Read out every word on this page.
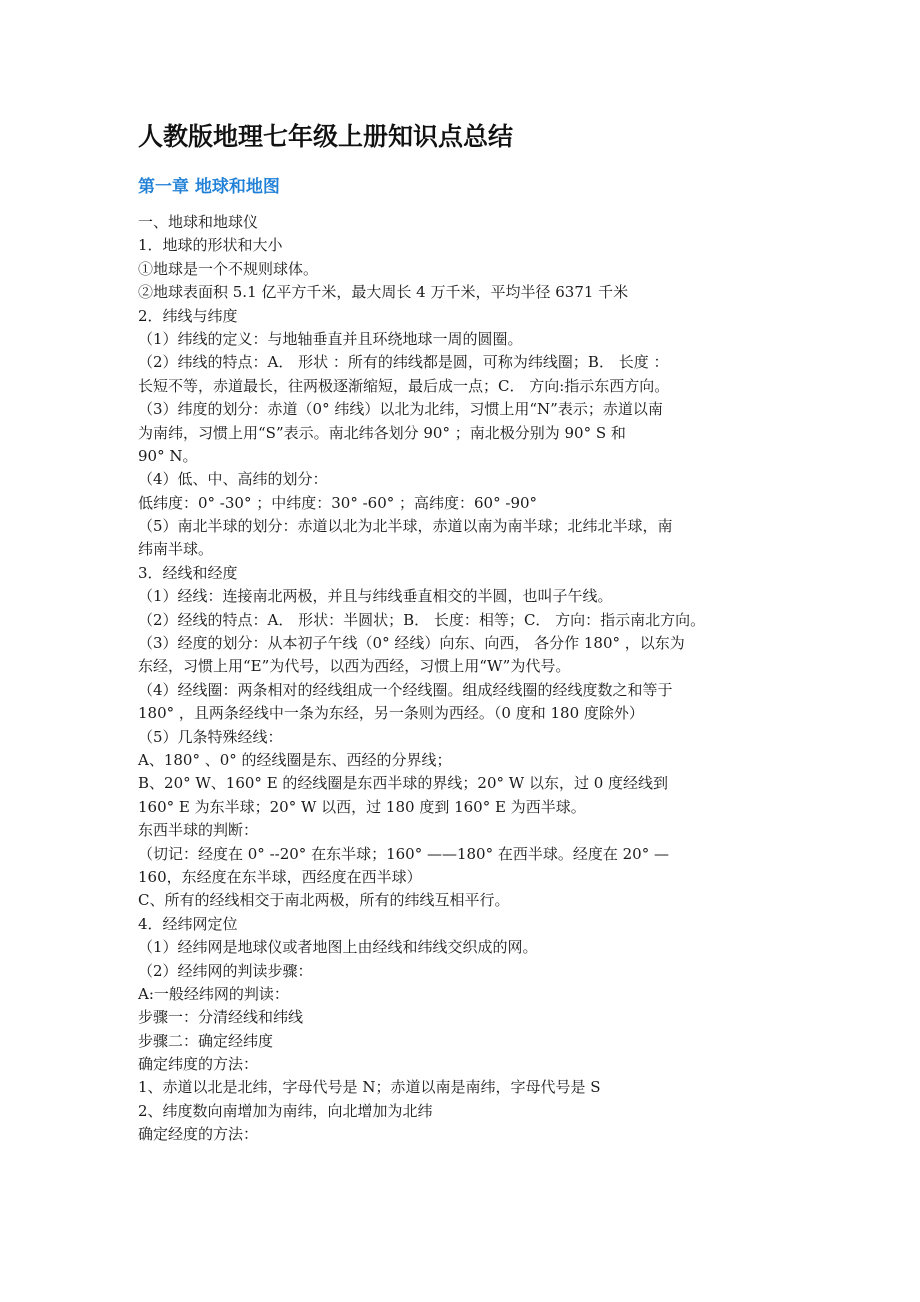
人教版地理七年级上册知识点总结
第一章 地球和地图
一、地球和地球仪
1．地球的形状和大小
①地球是一个不规则球体。
②地球表面积 5.1 亿平方千米，最大周长 4 万千米，平均半径 6371 千米
2．纬线与纬度
（1）纬线的定义：与地轴垂直并且环绕地球一周的圆圈。
（2）纬线的特点：A． 形状 ：所有的纬线都是圆，可称为纬线圈；B． 长度 ：
长短不等，赤道最长，往两极逐渐缩短，最后成一点；C． 方向:指示东西方向。
（3）纬度的划分：赤道（0° 纬线）以北为北纬，习惯上用“N”表示；赤道以南
为南纬，习惯上用“S”表示。南北纬各划分 90° ；南北极分别为 90° S 和
90° N。
（4）低、中、高纬的划分：
低纬度：0° -30° ；中纬度：30° -60° ；高纬度：60° -90°
（5）南北半球的划分：赤道以北为北半球，赤道以南为南半球；北纬北半球，南
纬南半球。
3．经线和经度
（1）经线：连接南北两极，并且与纬线垂直相交的半圆，也叫子午线。
（2）经线的特点：A． 形状：半圆状；B． 长度：相等；C． 方向：指示南北方向。
（3）经度的划分：从本初子午线（0° 经线）向东、向西， 各分作 180° ，以东为
东经，习惯上用“E”为代号，以西为西经，习惯上用“W”为代号。
（4）经线圈：两条相对的经线组成一个经线圈。组成经线圈的经线度数之和等于
180° ，且两条经线中一条为东经，另一条则为西经。（0 度和 180 度除外）
（5）几条特殊经线：
A、180° 、0° 的经线圈是东、西经的分界线；
B、20° W、160° E 的经线圈是东西半球的界线；20° W 以东，过 0 度经线到
160° E 为东半球；20° W 以西，过 180 度到 160° E 为西半球。
东西半球的判断：
（切记：经度在 0° --20° 在东半球；160° ——180° 在西半球。经度在 20° —
160，东经度在东半球，西经度在西半球）
C、所有的经线相交于南北两极，所有的纬线互相平行。
4．经纬网定位
（1）经纬网是地球仪或者地图上由经线和纬线交织成的网。
（2）经纬网的判读步骤：
A:一般经纬网的判读：
步骤一：分清经线和纬线
步骤二：确定经纬度
确定纬度的方法：
1、赤道以北是北纬，字母代号是 N；赤道以南是南纬，字母代号是 S
2、纬度数向南增加为南纬，向北增加为北纬
确定经度的方法：
